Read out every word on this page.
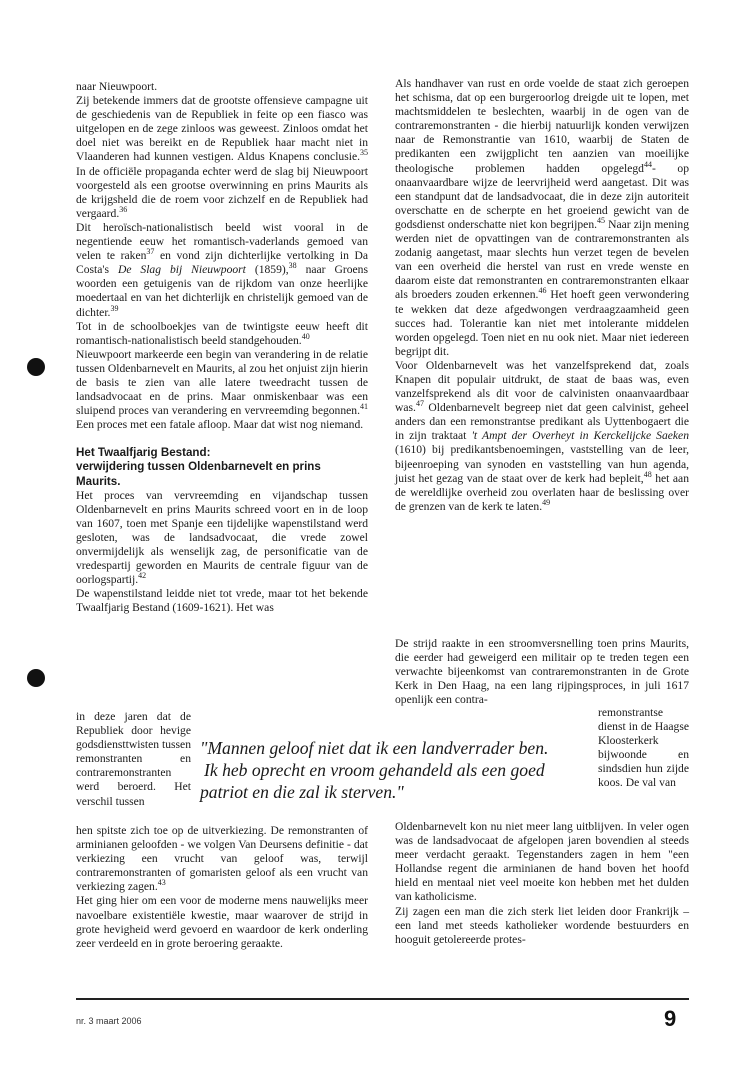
naar Nieuwpoort.

Zij betekende immers dat de grootste offensieve campagne uit de geschiedenis van de Republiek in feite op een fiasco was uitgelopen en de zege zinloos was geweest. Zinloos omdat het doel niet was bereikt en de Republiek haar macht niet in Vlaanderen had kunnen vestigen. Aldus Knapens conclusie.$^{35}$ In de officiële propaganda echter werd de slag bij Nieuwpoort voorgesteld als een grootse overwinning en prins Maurits als de krijgsheld die de roem voor zichzelf en de Republiek had vergaard.$^{36}$

Dit heroïsch-nationalistisch beeld wist vooral in de negentiende eeuw het romantisch-vaderlands gemoed van velen te raken$^{37}$ en vond zijn dichterlijke vertolking in Da Costa's De Slag bij Nieuwpoort (1859),$^{38}$ naar Groens woorden een getuigenis van de rijkdom van onze heerlijke moedertaal en van het dichterlijk en christelijk gemoed van de dichter.$^{39}$

Tot in de schoolboekjes van de twintigste eeuw heeft dit romantisch-nationalistisch beeld standgehouden.$^{40}$

Nieuwpoort markeerde een begin van verandering in de relatie tussen Oldenbarnevelt en Maurits, al zou het onjuist zijn hierin de basis te zien van alle latere tweedracht tussen de landsadvocaat en de prins. Maar onmiskenbaar was een sluipend proces van verandering en vervreemding begonnen.$^{41}$ Een proces met een fatale afloop. Maar dat wist nog niemand.

Het Twaalfjarig Bestand:
verwijdering tussen Oldenbarnevelt en prins Maurits.

Het proces van vervreemding en vijandschap tussen Oldenbarnevelt en prins Maurits schreed voort en in de loop van 1607, toen met Spanje een tijdelijke wapenstilstand werd gesloten, was de landsadvocaat, die vrede zowel onvermijdelijk als wenselijk zag, de personificatie van de vredespartij geworden en Maurits de centrale figuur van de oorlogspartij.$^{42}$

De wapenstilstand leidde niet tot vrede, maar tot het bekende Twaalfjarig Bestand (1609-1621). Het was

in deze jaren dat de Republiek door hevige godsdiensttwisten tussen remonstranten en contraremonstranten werd beroerd. Het verschil tussen
"Mannen geloof niet dat ik een landverrader ben.
Ik heb oprecht en vroom gehandeld als een goed
patriot en die zal ik sterven."

hen spitste zich toe op de uitverkiezing. De remonstranten of arminianen geloofden - we volgen Van Deursens definitie - dat verkiezing een vrucht van geloof was, terwijl contraremonstranten of gomaristen geloof als een vrucht van verkiezing zagen.$^{43}$

Het ging hier om een voor de moderne mens nauwelijks meer navoelbare existentiële kwestie, maar waarover de strijd in grote hevigheid werd gevoerd en waardoor de kerk onderling zeer verdeeld en in grote beroering geraakte.

Als handhaver van rust en orde voelde de staat zich geroepen het schisma, dat op een burgeroorlog dreigde uit te lopen, met machtsmiddelen te beslechten, waarbij in de ogen van de contraremonstranten - die hierbij natuurlijk konden verwijzen naar de Remonstrantie van 1610, waarbij de Staten de predikanten een zwijgplicht ten aanzien van moeilijke theologische problemen hadden opgelegd$^{44}$- op onaanvaardbare wijze de leervrijheid werd aangetast. Dit was een standpunt dat de landsadvocaat, die in deze zijn autoriteit overschatte en de scherpte en het groeiend gewicht van de godsdienst onderschatte niet kon begrijpen.$^{45}$ Naar zijn mening werden niet de opvattingen van de contraremonstranten als zodanig aangetast, maar slechts hun verzet tegen de bevelen van een overheid die herstel van rust en vrede wenste en daarom eiste dat remonstranten en contraremonstranten elkaar als broeders zouden erkennen.$^{46}$ Het hoeft geen verwondering te wekken dat deze afgedwongen verdraagzaamheid geen succes had. Tolerantie kan niet met intolerante middelen worden opgelegd. Toen niet en nu ook niet. Maar niet iedereen begrijpt dit.

Voor Oldenbarnevelt was het vanzelfsprekend dat, zoals Knapen dit populair uitdrukt, de staat de baas was, even vanzelfsprekend als dit voor de calvinisten onaanvaardbaar was.$^{47}$ Oldenbarnevelt begreep niet dat geen calvinist, geheel anders dan een remonstrantse predikant als Uyttenbogaert die in zijn traktaat 't Ampt der Overheyt in Kerckelijcke Saeken (1610) bij predikantsbenoemingen, vaststelling van de leer, bijeenroeping van synoden en vaststelling van hun agenda, juist het gezag van de staat over de kerk had bepleit,$^{48}$ het aan de wereldlijke overheid zou overlaten haar de beslissing over de grenzen van de kerk te laten.$^{49}$

De strijd raakte in een stroomversnelling toen prins Maurits, die eerder had geweigerd een militair op te treden tegen een verwachte bijeenkomst van contraremonstranten in de Grote Kerk in Den Haag, na een lang rijpingsproces, in juli 1617 openlijk een contra-

remonstrantse dienst in de Haagse Kloosterkerk bijwoonde en sindsdien hun zijde koos. De val van

Oldenbarnevelt kon nu niet meer lang uitblijven. In veler ogen was de landsadvocaat de afgelopen jaren bovendien al steeds meer verdacht geraakt. Tegenstanders zagen in hem "een Hollandse regent die arminianen de hand boven het hoofd hield en mentaal niet veel moeite kon hebben met het dulden van katholicisme.

Zij zagen een man die zich sterk liet leiden door Frankrijk – een land met steeds katholieker wordende bestuurders en hooguit getolereerde protes-

nr. 3 maart 2006	9
